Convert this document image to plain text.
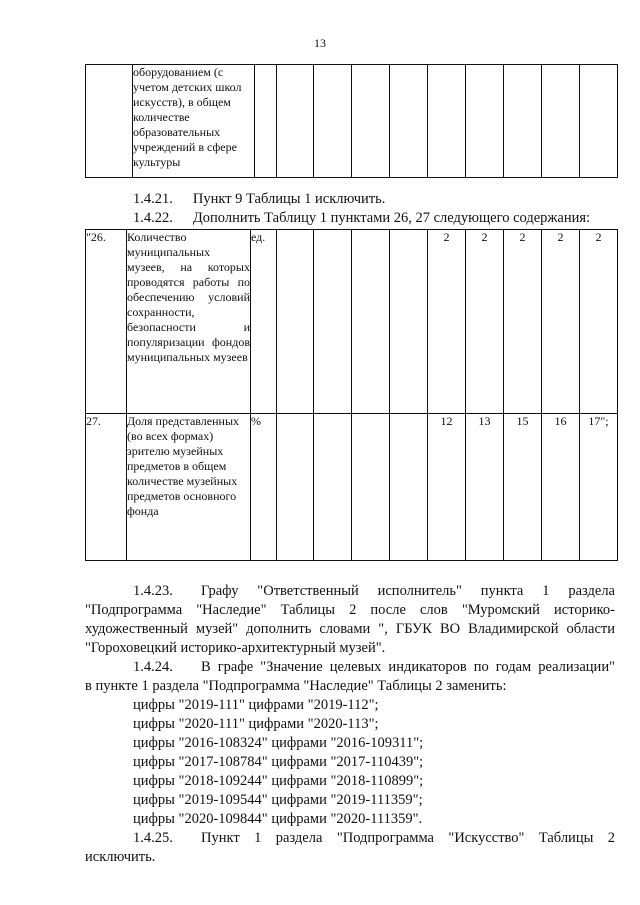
13
	оборудованием (с учетом детских школ искусств), в общем количестве образовательных учреждений в сфере культуры										
1.4.21. Пункт 9 Таблицы 1 исключить.
1.4.22. Дополнить Таблицу 1 пунктами 26, 27 следующего содержания:
"26.	Количество муниципальных музеев, на которых проводятся работы по обеспечению условий сохранности, безопасности и популяризации фондов муниципальных музеев	ед.					2	2	2	2	2
27.	Доля представленных (во всех формах) зрителю музейных предметов в общем количестве музейных предметов основного фонда	%					12	13	15	16	17";
1.4.23. Графу "Ответственный исполнитель" пункта 1 раздела
"Подпрограмма "Наследие" Таблицы 2 после слов "Муромский историко-
художественный музей" дополнить словами ", ГБУК ВО Владимирской области
"Гороховецкий историко-архитектурный музей".
1.4.24. В графе "Значение целевых индикаторов по годам реализации"
в пункте 1 раздела "Подпрограмма "Наследие" Таблицы 2 заменить:
цифры "2019-111" цифрами "2019-112";
цифры "2020-111" цифрами "2020-113";
цифры "2016-108324" цифрами "2016-109311";
цифры "2017-108784" цифрами "2017-110439";
цифры "2018-109244" цифрами "2018-110899";
цифры "2019-109544" цифрами "2019-111359";
цифры "2020-109844" цифрами "2020-111359".
1.4.25. Пункт 1 раздела "Подпрограмма "Искусство" Таблицы 2
исключить.
